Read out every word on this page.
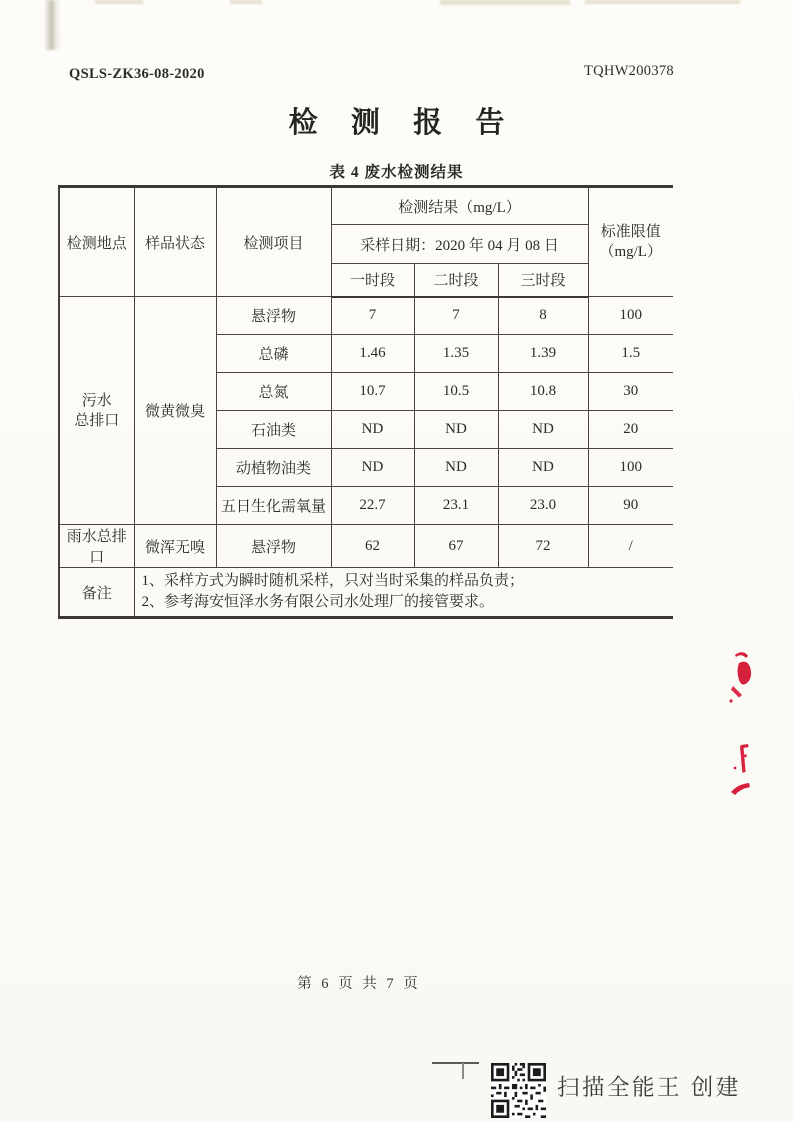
QSLS-ZK36-08-2020	TQHW200378
检 测 报 告
表 4 废水检测结果
检测地点	样品状态	检测项目	检测结果（mg/L）			标准限值
（mg/L）

			采样日期：2020 年 04 月 08 日			
			一时段	二时段	三时段	

污水
总排口	微黄微臭	悬浮物	7	7	8	100
		总磷	1.46	1.35	1.39	1.5
		总氮	10.7	10.5	10.8	30
		石油类	ND	ND	ND	20
		动植物油类	ND	ND	ND	100
		五日生化需氧量	22.7	23.1	23.0	90
雨水总排口	微浑无嗅	悬浮物	62	67	72	/
备注	1、采样方式为瞬时随机采样，只对当时采集的样品负责；
2、参考海安恒泽水务有限公司水处理厂的接管要求。					
第 6 页 共 7 页
扫描全能王 创建
